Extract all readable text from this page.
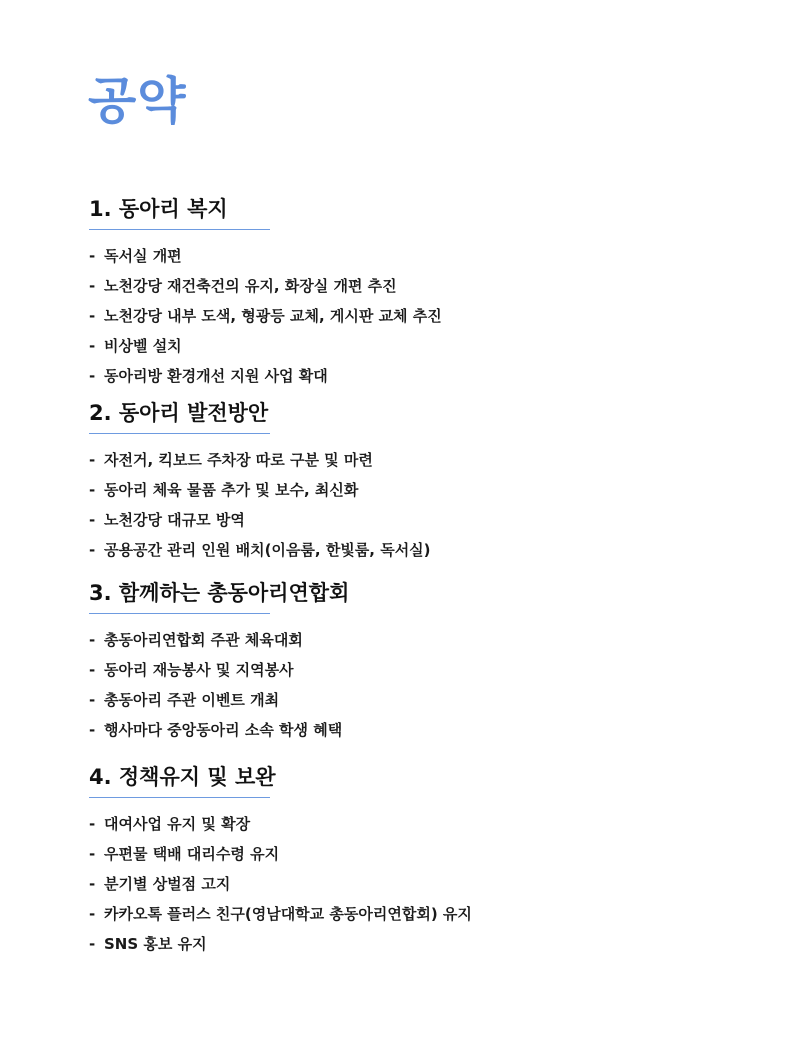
공약
1. 동아리 복지
- 독서실 개편
- 노천강당 재건축건의 유지, 화장실 개편 추진
- 노천강당 내부 도색, 형광등 교체, 게시판 교체 추진
- 비상벨 설치
- 동아리방 환경개선 지원 사업 확대
2. 동아리 발전방안
- 자전거, 킥보드 주차장 따로 구분 및 마련
- 동아리 체육 물품 추가 및 보수, 최신화
- 노천강당 대규모 방역
- 공용공간 관리 인원 배치(이음룸, 한빛룸, 독서실)
3. 함께하는 총동아리연합회
- 총동아리연합회 주관 체육대회
- 동아리 재능봉사 및 지역봉사
- 총동아리 주관 이벤트 개최
- 행사마다 중앙동아리 소속 학생 혜택
4. 정책유지 및 보완
- 대여사업 유지 및 확장
- 우편물 택배 대리수령 유지
- 분기별 상벌점 고지
- 카카오톡 플러스 친구(영남대학교 총동아리연합회) 유지
- SNS 홍보 유지
